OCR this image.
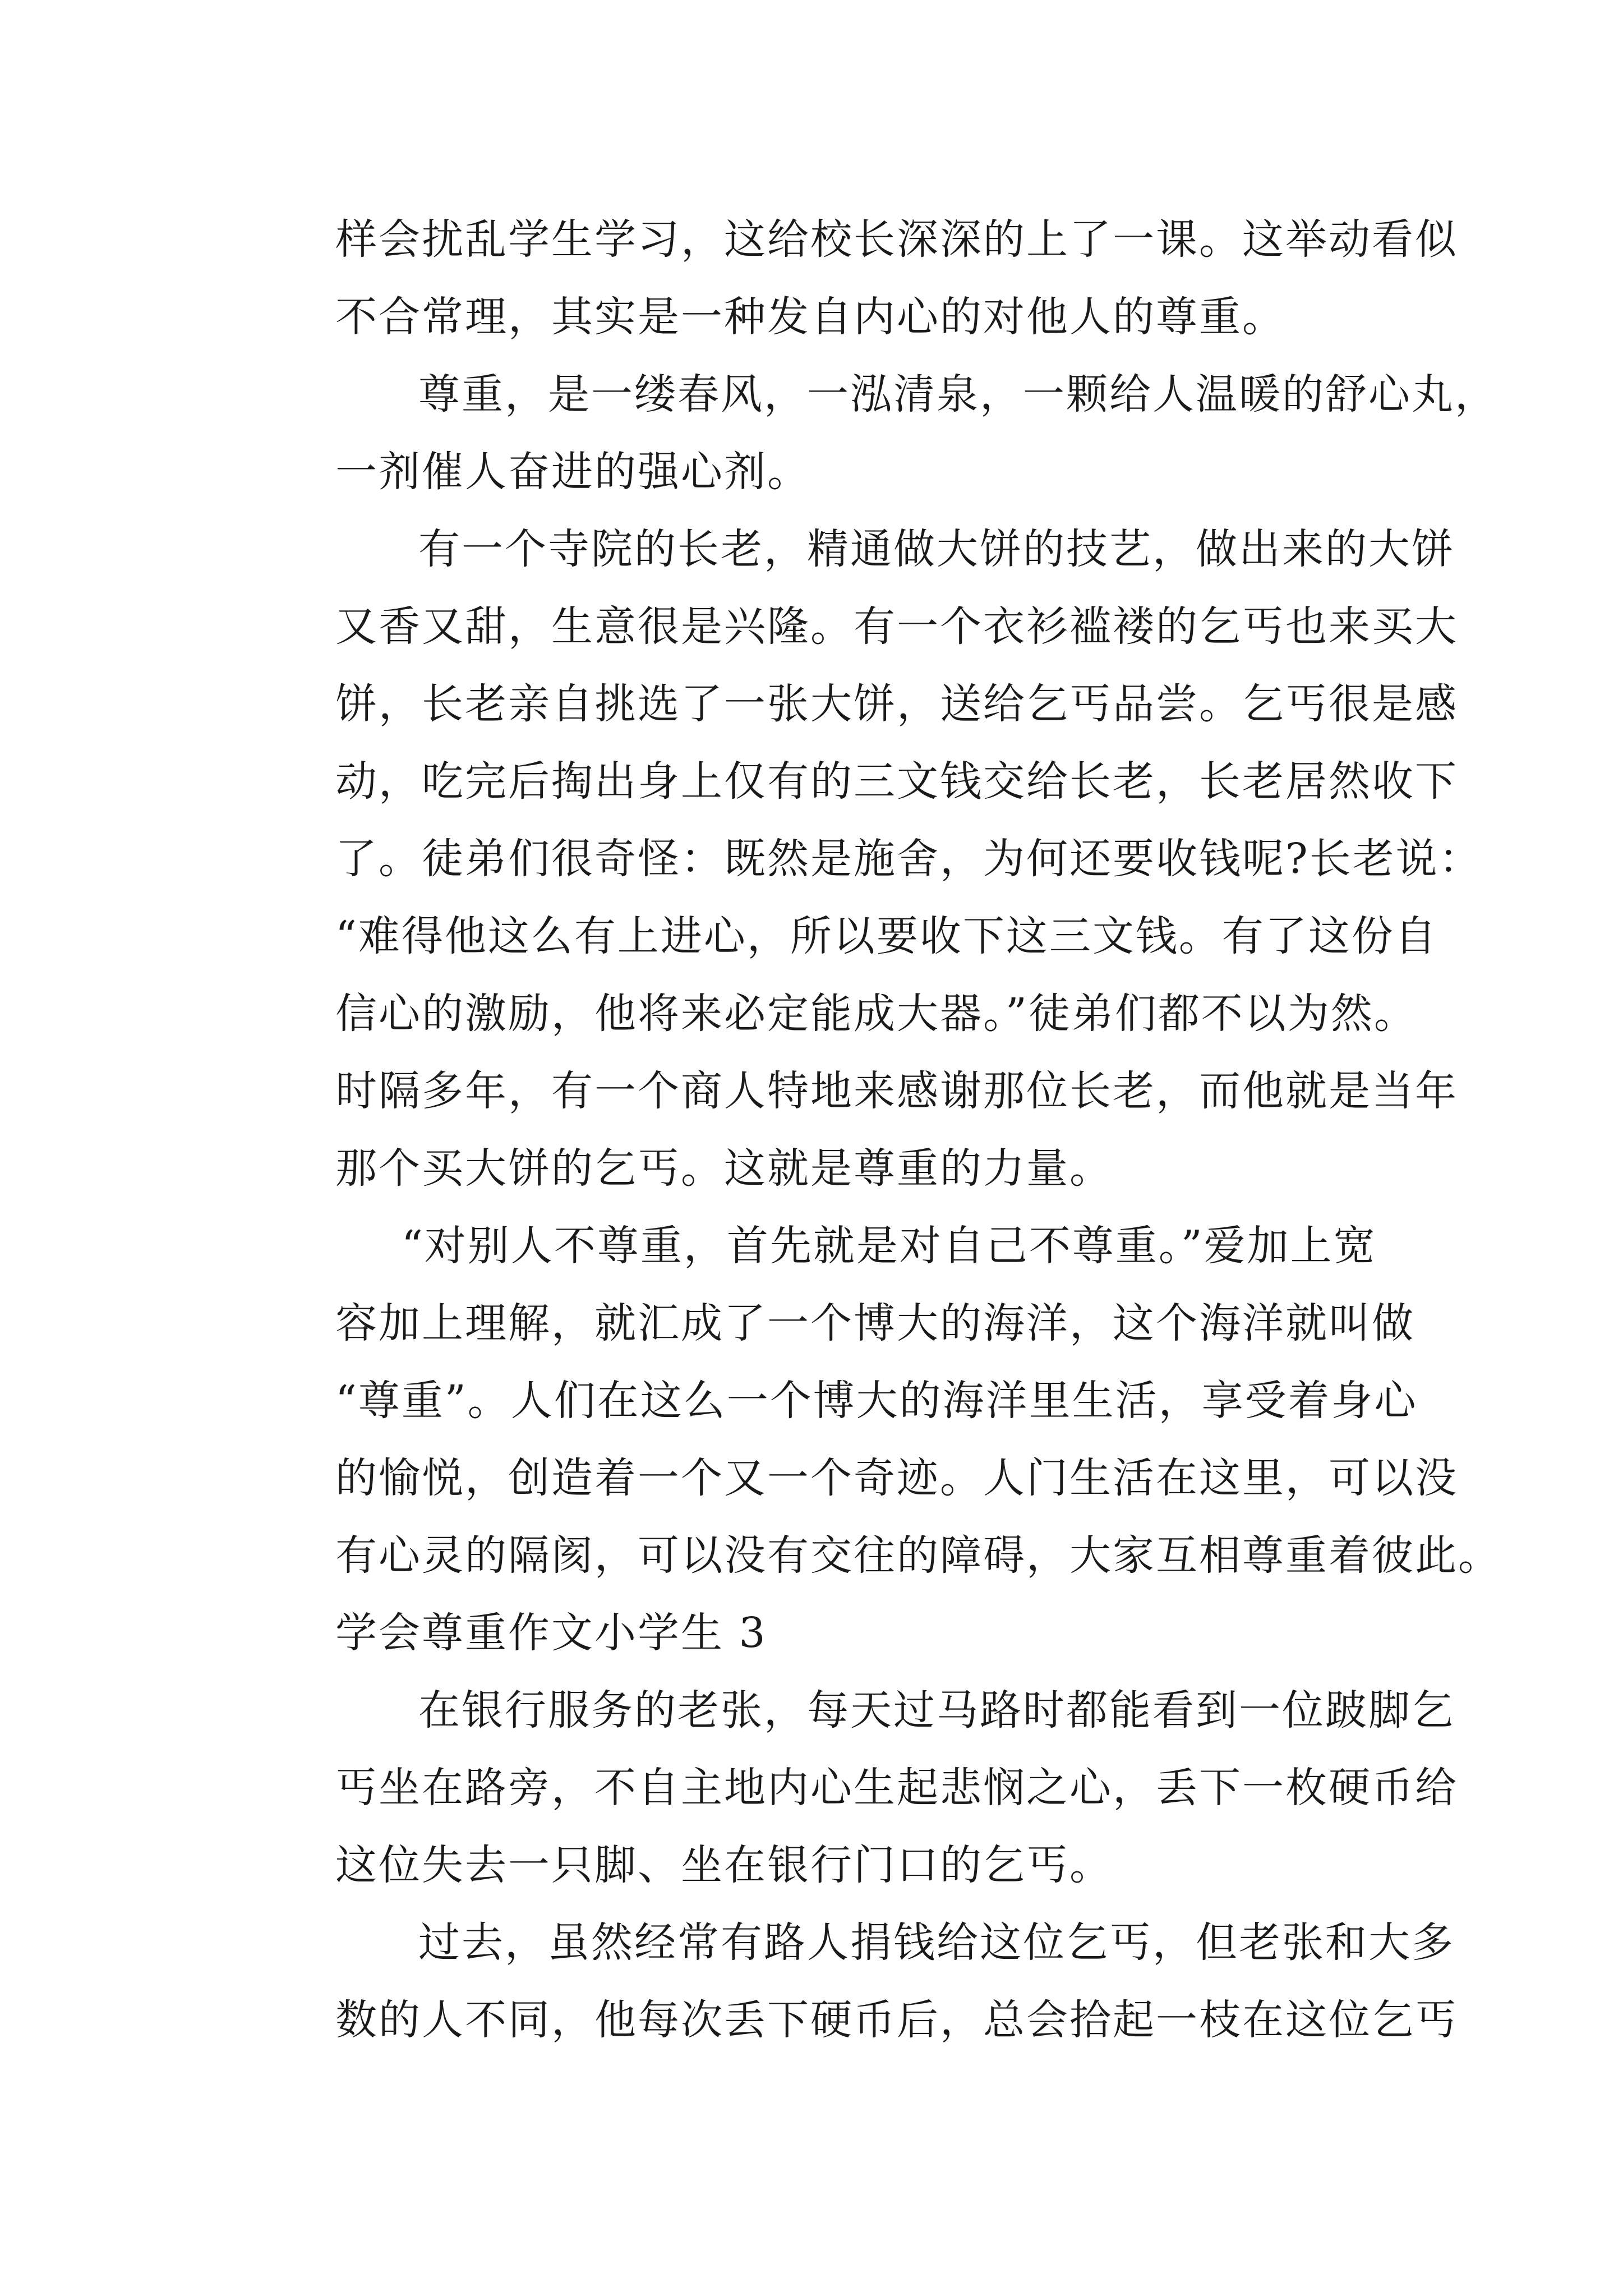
样会扰乱学生学习，这给校长深深的上了一课。这举动看似
不合常理，其实是一种发自内心的对他人的尊重。
尊重，是一缕春风，一泓清泉，一颗给人温暖的舒心丸，
一剂催人奋进的强心剂。
有一个寺院的长老，精通做大饼的技艺，做出来的大饼
又香又甜，生意很是兴隆。有一个衣衫褴褛的乞丐也来买大
饼，长老亲自挑选了一张大饼，送给乞丐品尝。乞丐很是感
动，吃完后掏出身上仅有的三文钱交给长老，长老居然收下
了。徒弟们很奇怪：既然是施舍，为何还要收钱呢?长老说：
“难得他这么有上进心，所以要收下这三文钱。有了这份自
信心的激励，他将来必定能成大器。”徒弟们都不以为然。
时隔多年，有一个商人特地来感谢那位长老，而他就是当年
那个买大饼的乞丐。这就是尊重的力量。
“对别人不尊重，首先就是对自己不尊重。”爱加上宽
容加上理解，就汇成了一个博大的海洋，这个海洋就叫做
“尊重”。人们在这么一个博大的海洋里生活，享受着身心
的愉悦，创造着一个又一个奇迹。人门生活在这里，可以没
有心灵的隔阂，可以没有交往的障碍，大家互相尊重着彼此。
学会尊重作文小学生 3
在银行服务的老张，每天过马路时都能看到一位跛脚乞
丐坐在路旁，不自主地内心生起悲悯之心，丢下一枚硬币给
这位失去一只脚、坐在银行门口的乞丐。
过去，虽然经常有路人捐钱给这位乞丐，但老张和大多
数的人不同，他每次丢下硬币后，总会拾起一枝在这位乞丐
